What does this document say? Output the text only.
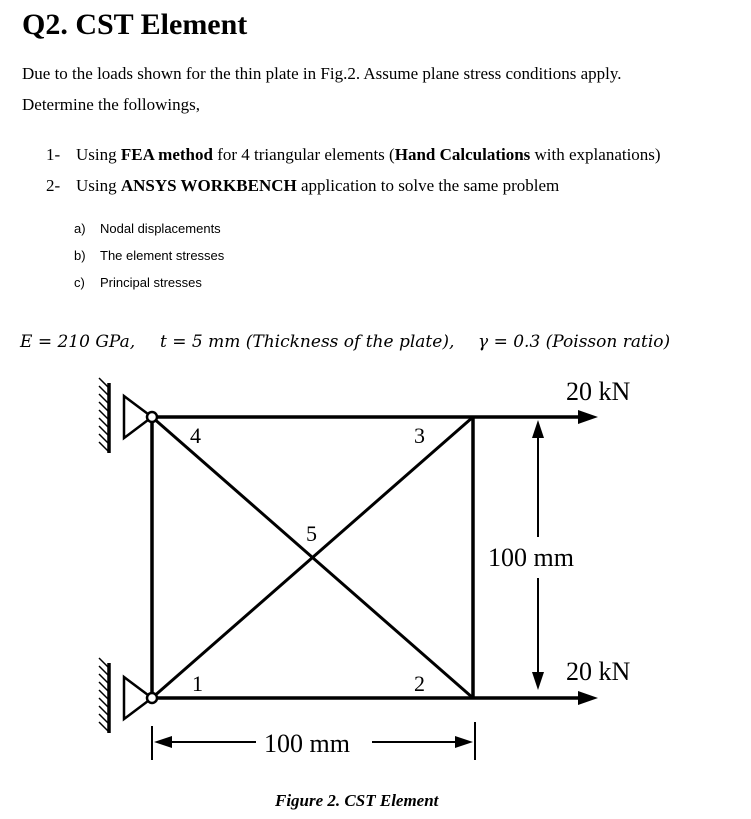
Q2. CST Element

Due to the loads shown for the thin plate in Fig.2. Assume plane stress conditions apply.

Determine the followings,

1- Using FEA method for 4 triangular elements (Hand Calculations with explanations)
2- Using ANSYS WORKBENCH application to solve the same problem
a) Nodal displacements
b) The element stresses
c) Principal stresses
E = 210 GPa, t = 5 mm (Thickness of the plate), γ = 0.3 (Poisson ratio)
20 kN
20 kN
100 mm
100 mm
1	2
3
4
5
Figure 2. CST Element
